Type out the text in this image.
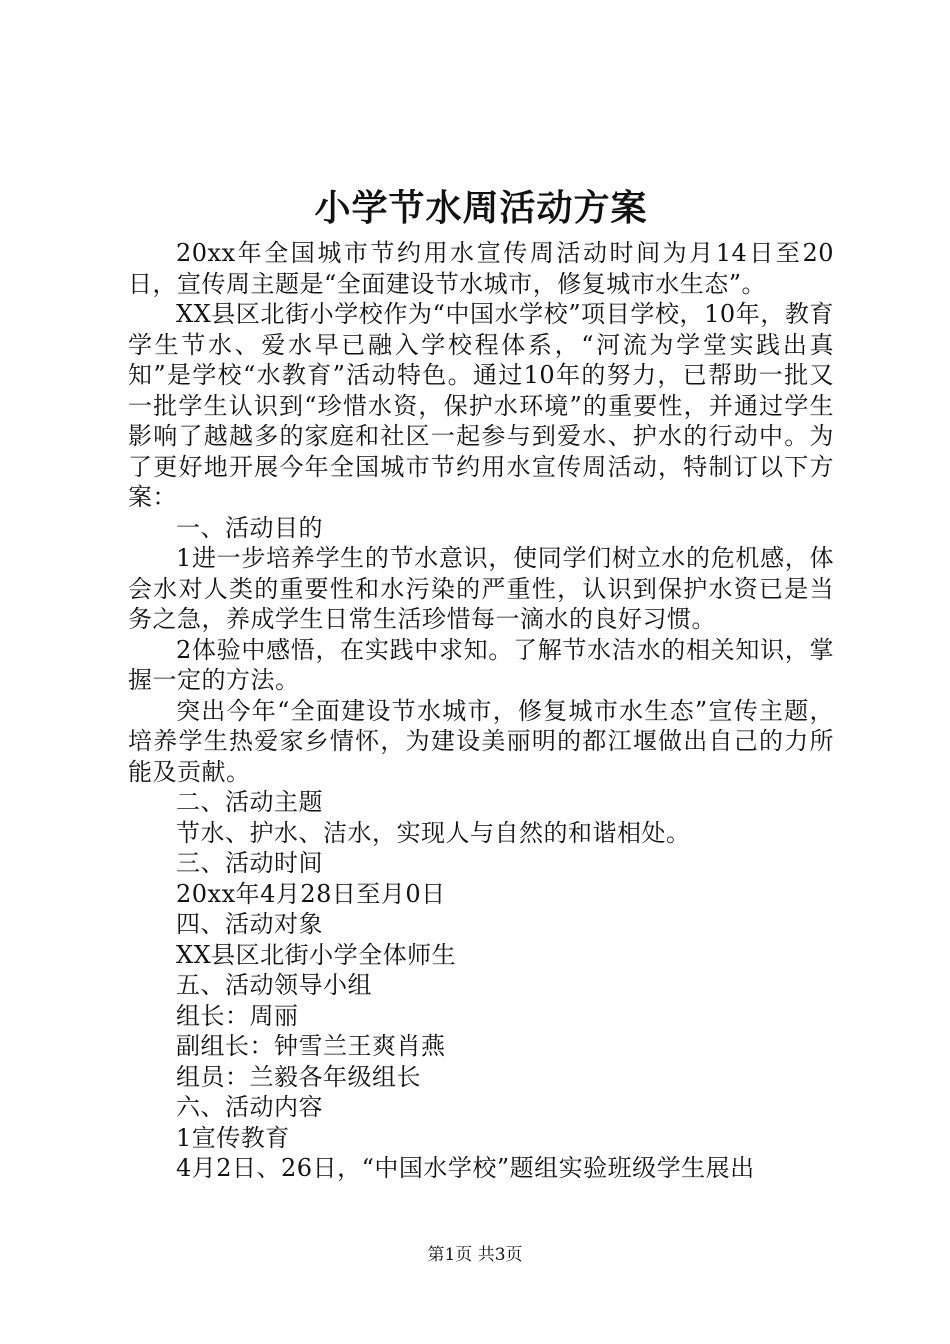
小学节水周活动方案

20xx年全国城市节约用水宣传周活动时间为月14日至20日，宣传周主题是“全面建设节水城市，修复城市水生态”。

XX县区北街小学校作为“中国水学校”项目学校，10年，教育学生节水、爱水早已融入学校程体系，“河流为学堂实践出真知”是学校“水教育”活动特色。通过10年的努力，已帮助一批又一批学生认识到“珍惜水资，保护水环境”的重要性，并通过学生影响了越越多的家庭和社区一起参与到爱水、护水的行动中。为了更好地开展今年全国城市节约用水宣传周活动，特制订以下方案：

一、活动目的

1进一步培养学生的节水意识，使同学们树立水的危机感，体会水对人类的重要性和水污染的严重性，认识到保护水资已是当务之急，养成学生日常生活珍惜每一滴水的良好习惯。

2体验中感悟，在实践中求知。了解节水洁水的相关知识，掌握一定的方法。

突出今年“全面建设节水城市，修复城市水生态”宣传主题，培养学生热爱家乡情怀，为建设美丽明的都江堰做出自己的力所能及贡献。

二、活动主题

节水、护水、洁水，实现人与自然的和谐相处。

三、活动时间

20xx年4月28日至月0日

四、活动对象

XX县区北街小学全体师生

五、活动领导小组

组长：周丽

副组长：钟雪兰王爽肖燕

组员：兰毅各年级组长

六、活动内容

1宣传教育

4月2日、26日，“中国水学校”题组实验班级学生展出

第1页 共3页
